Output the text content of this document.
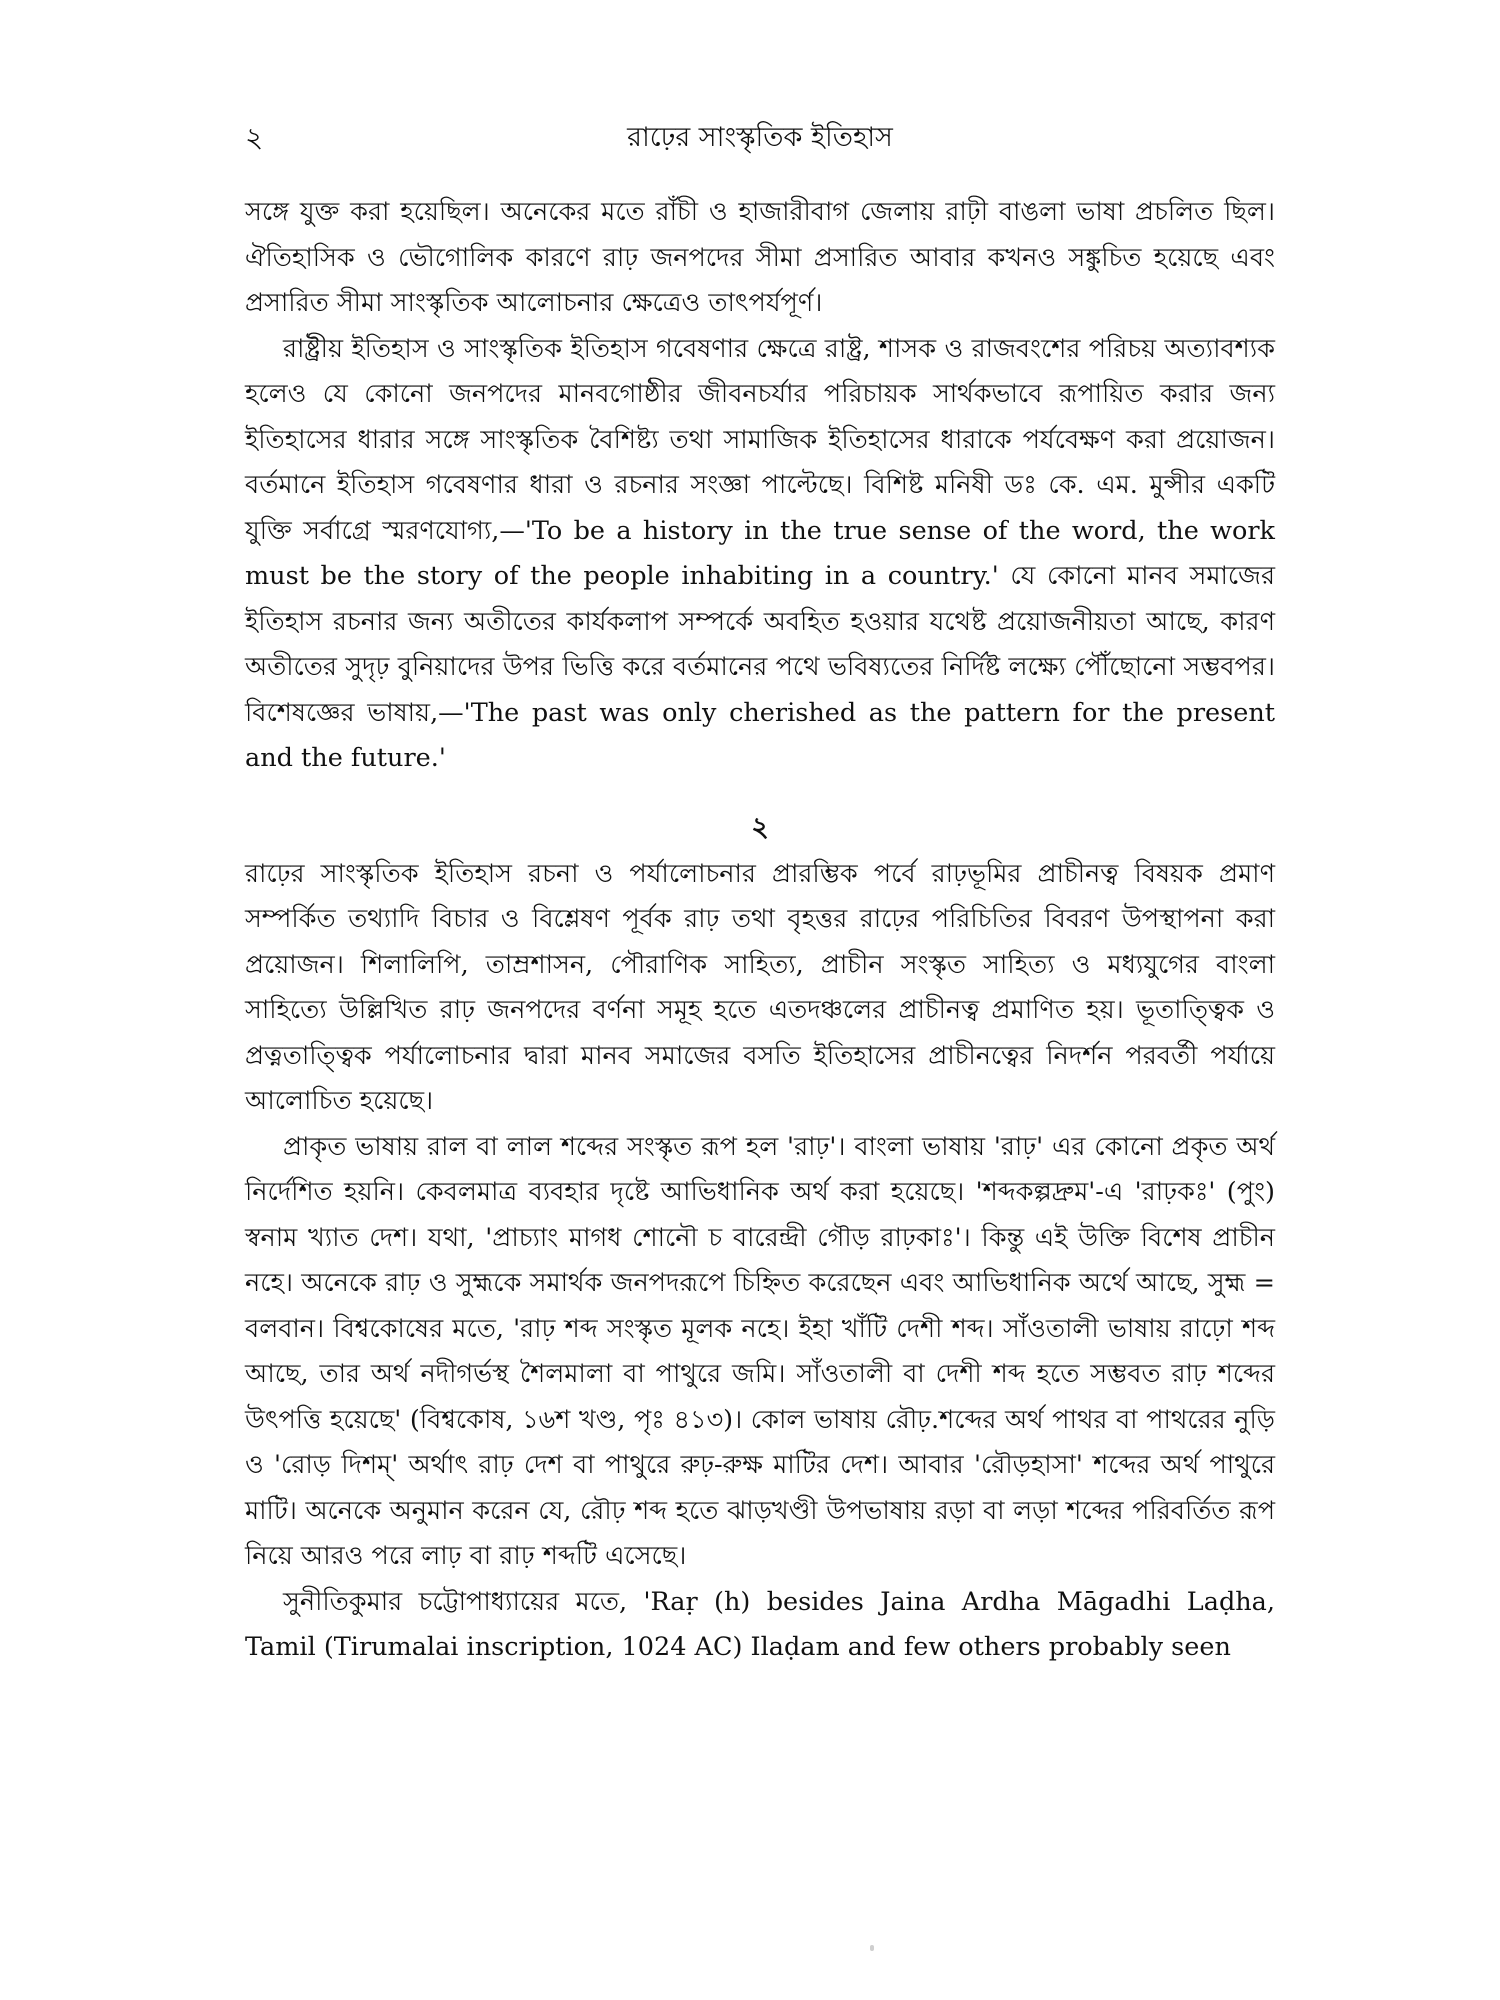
২	রাঢ়ের সাংস্কৃতিক ইতিহাস

সঙ্গে যুক্ত করা হয়েছিল। অনেকের মতে রাঁচী ও হাজারীবাগ জেলায় রাঢ়ী বাঙলা ভাষা প্রচলিত ছিল। ঐতিহাসিক ও ভৌগোলিক কারণে রাঢ় জনপদের সীমা প্রসারিত আবার কখনও সঙ্কুচিত হয়েছে এবং প্রসারিত সীমা সাংস্কৃতিক আলোচনার ক্ষেত্রেও তাৎপর্যপূর্ণ।

রাষ্ট্রীয় ইতিহাস ও সাংস্কৃতিক ইতিহাস গবেষণার ক্ষেত্রে রাষ্ট্র, শাসক ও রাজবংশের পরিচয় অত্যাবশ্যক হলেও যে কোনো জনপদের মানবগোষ্ঠীর জীবনচর্যার পরিচায়ক সার্থকভাবে রূপায়িত করার জন্য ইতিহাসের ধারার সঙ্গে সাংস্কৃতিক বৈশিষ্ট্য তথা সামাজিক ইতিহাসের ধারাকে পর্যবেক্ষণ করা প্রয়োজন। বর্তমানে ইতিহাস গবেষণার ধারা ও রচনার সংজ্ঞা পাল্টেছে। বিশিষ্ট মনিষী ডঃ কে. এম. মুন্সীর একটি যুক্তি সর্বাগ্রে স্মরণযোগ্য,—'To be a history in the true sense of the word, the work must be the story of the people inhabiting in a country.' যে কোনো মানব সমাজের ইতিহাস রচনার জন্য অতীতের কার্যকলাপ সম্পর্কে অবহিত হওয়ার যথেষ্ট প্রয়োজনীয়তা আছে, কারণ অতীতের সুদৃঢ় বুনিয়াদের উপর ভিত্তি করে বর্তমানের পথে ভবিষ্যতের নির্দিষ্ট লক্ষ্যে পৌঁছোনো সম্ভবপর। বিশেষজ্ঞের ভাষায়,—'The past was only cherished as the pattern for the present and the future.'

২

রাঢ়ের সাংস্কৃতিক ইতিহাস রচনা ও পর্যালোচনার প্রারম্ভিক পর্বে রাঢ়ভূমির প্রাচীনত্ব বিষয়ক প্রমাণ সম্পর্কিত তথ্যাদি বিচার ও বিশ্লেষণ পূর্বক রাঢ় তথা বৃহত্তর রাঢ়ের পরিচিতির বিবরণ উপস্থাপনা করা প্রয়োজন। শিলালিপি, তাম্রশাসন, পৌরাণিক সাহিত্য, প্রাচীন সংস্কৃত সাহিত্য ও মধ্যযুগের বাংলা সাহিত্যে উল্লিখিত রাঢ় জনপদের বর্ণনা সমূহ হতে এতদঞ্চলের প্রাচীনত্ব প্রমাণিত হয়। ভূতাত্ত্বিক ও প্রত্নতাত্ত্বিক পর্যালোচনার দ্বারা মানব সমাজের বসতি ইতিহাসের প্রাচীনত্বের নিদর্শন পরবর্তী পর্যায়ে আলোচিত হয়েছে।

প্রাকৃত ভাষায় রাল বা লাল শব্দের সংস্কৃত রূপ হল 'রাঢ়'। বাংলা ভাষায় 'রাঢ়' এর কোনো প্রকৃত অর্থ নির্দেশিত হয়নি। কেবলমাত্র ব্যবহার দৃষ্টে আভিধানিক অর্থ করা হয়েছে। 'শব্দকল্পদ্রুম'-এ 'রাঢ়কঃ' (পুং) স্বনাম খ্যাত দেশ। যথা, 'প্রাচ্যাং মাগধ শোনৌ চ বারেন্দ্রী গৌড় রাঢ়কাঃ'। কিন্তু এই উক্তি বিশেষ প্রাচীন নহে। অনেকে রাঢ় ও সুহ্মকে সমার্থক জনপদরূপে চিহ্নিত করেছেন এবং আভিধানিক অর্থে আছে, সুহ্ম = বলবান। বিশ্বকোষের মতে, 'রাঢ় শব্দ সংস্কৃত মূলক নহে। ইহা খাঁটি দেশী শব্দ। সাঁওতালী ভাষায় রাঢ়ো শব্দ আছে, তার অর্থ নদীগর্ভস্থ শৈলমালা বা পাথুরে জমি। সাঁওতালী বা দেশী শব্দ হতে সম্ভবত রাঢ় শব্দের উৎপত্তি হয়েছে' (বিশ্বকোষ, ১৬শ খণ্ড, পৃঃ ৪১৩)। কোল ভাষায় রৌঢ়.শব্দের অর্থ পাথর বা পাথরের নুড়ি ও 'রোড় দিশম্' অর্থাৎ রাঢ় দেশ বা পাথুরে রুঢ়-রুক্ষ মাটির দেশ। আবার 'রৌড়হাসা' শব্দের অর্থ পাথুরে মাটি। অনেকে অনুমান করেন যে, রৌঢ় শব্দ হতে ঝাড়খণ্ডী উপভাষায় রড়া বা লড়া শব্দের পরিবর্তিত রূপ নিয়ে আরও পরে লাঢ় বা রাঢ় শব্দটি এসেছে।

সুনীতিকুমার চট্টোপাধ্যায়ের মতে, 'Raṛ (h) besides Jaina Ardha Māgadhi Laḍha, Tamil (Tirumalai inscription, 1024 AC) Ilaḍam and few others probably seen
